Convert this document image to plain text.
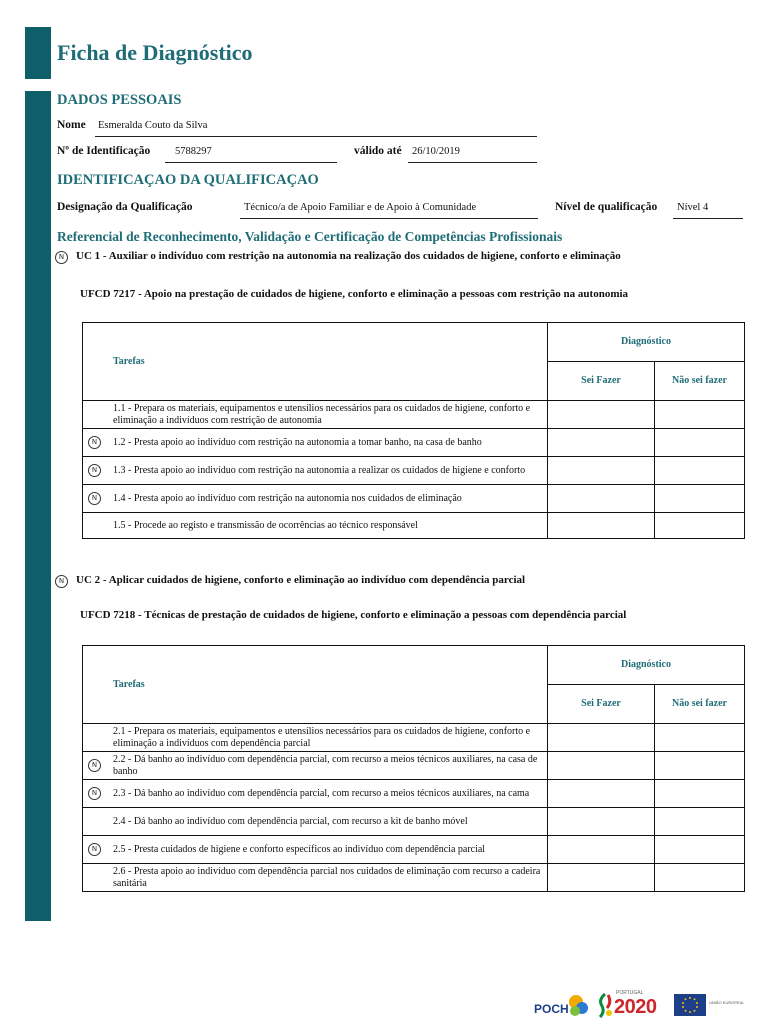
Ficha de Diagnóstico
DADOS PESSOAIS
Nome Esmeralda Couto da Silva
Nº de Identificação 5788297	válido até 26/10/2019
IDENTIFICAÇAO DA QUALIFICAÇAO
Designação da Qualificação	Técnico/a de Apoio Familiar e de Apoio à Comunidade	Nível de qualificação Nível 4
Referencial de Reconhecimento, Validação e Certificação de Competências Profissionais
N	UC 1 - Auxiliar o indivíduo com restrição na autonomia na realização dos cuidados de higiene, conforto e eliminação
UFCD 7217 - Apoio na prestação de cuidados de higiene, conforto e eliminação a pessoas com restrição na autonomia
Tarefas	Diagnóstico	
	Sei Fazer	Não sei fazer
1.1 - Prepara os materiais, equipamentos e utensílios necessários para os cuidados de higiene, conforto e eliminação a indivíduos com restrição de autonomia		

N 1.2 - Presta apoio ao indivíduo com restrição na autonomia a tomar banho, na casa de banho		

N 1.3 - Presta apoio ao indivíduo com restrição na autonomia a realizar os cuidados de higiene e conforto		

N 1.4 - Presta apoio ao indivíduo com restrição na autonomia nos cuidados de eliminação		
1.5 - Procede ao registo e transmissão de ocorrências ao técnico responsável		
N	UC 2 - Aplicar cuidados de higiene, conforto e eliminação ao indivíduo com dependência parcial
UFCD 7218 - Técnicas de prestação de cuidados de higiene, conforto e eliminação a pessoas com dependência parcial
Tarefas	Diagnóstico	
	Sei Fazer	Não sei fazer
2.1 - Prepara os materiais, equipamentos e utensílios necessários para os cuidados de higiene, conforto e eliminação a indivíduos com dependência parcial		

N 2.2 - Dá banho ao indivíduo com dependência parcial, com recurso a meios técnicos auxiliares, na casa de banho		

N 2.3 - Dá banho ao indivíduo com dependência parcial, com recurso a meios técnicos auxiliares, na cama		
2.4 - Dá banho ao indivíduo com dependência parcial, com recurso a kit de banho móvel		

N 2.5 - Presta cuidados de higiene e conforto específicos ao indivíduo com dependência parcial		
2.6 - Presta apoio ao indivíduo com dependência parcial nos cuidados de eliminação com recurso a cadeira sanitária		
POCH
PORTUGAL
2020	UNIÃO EUROPEIA
